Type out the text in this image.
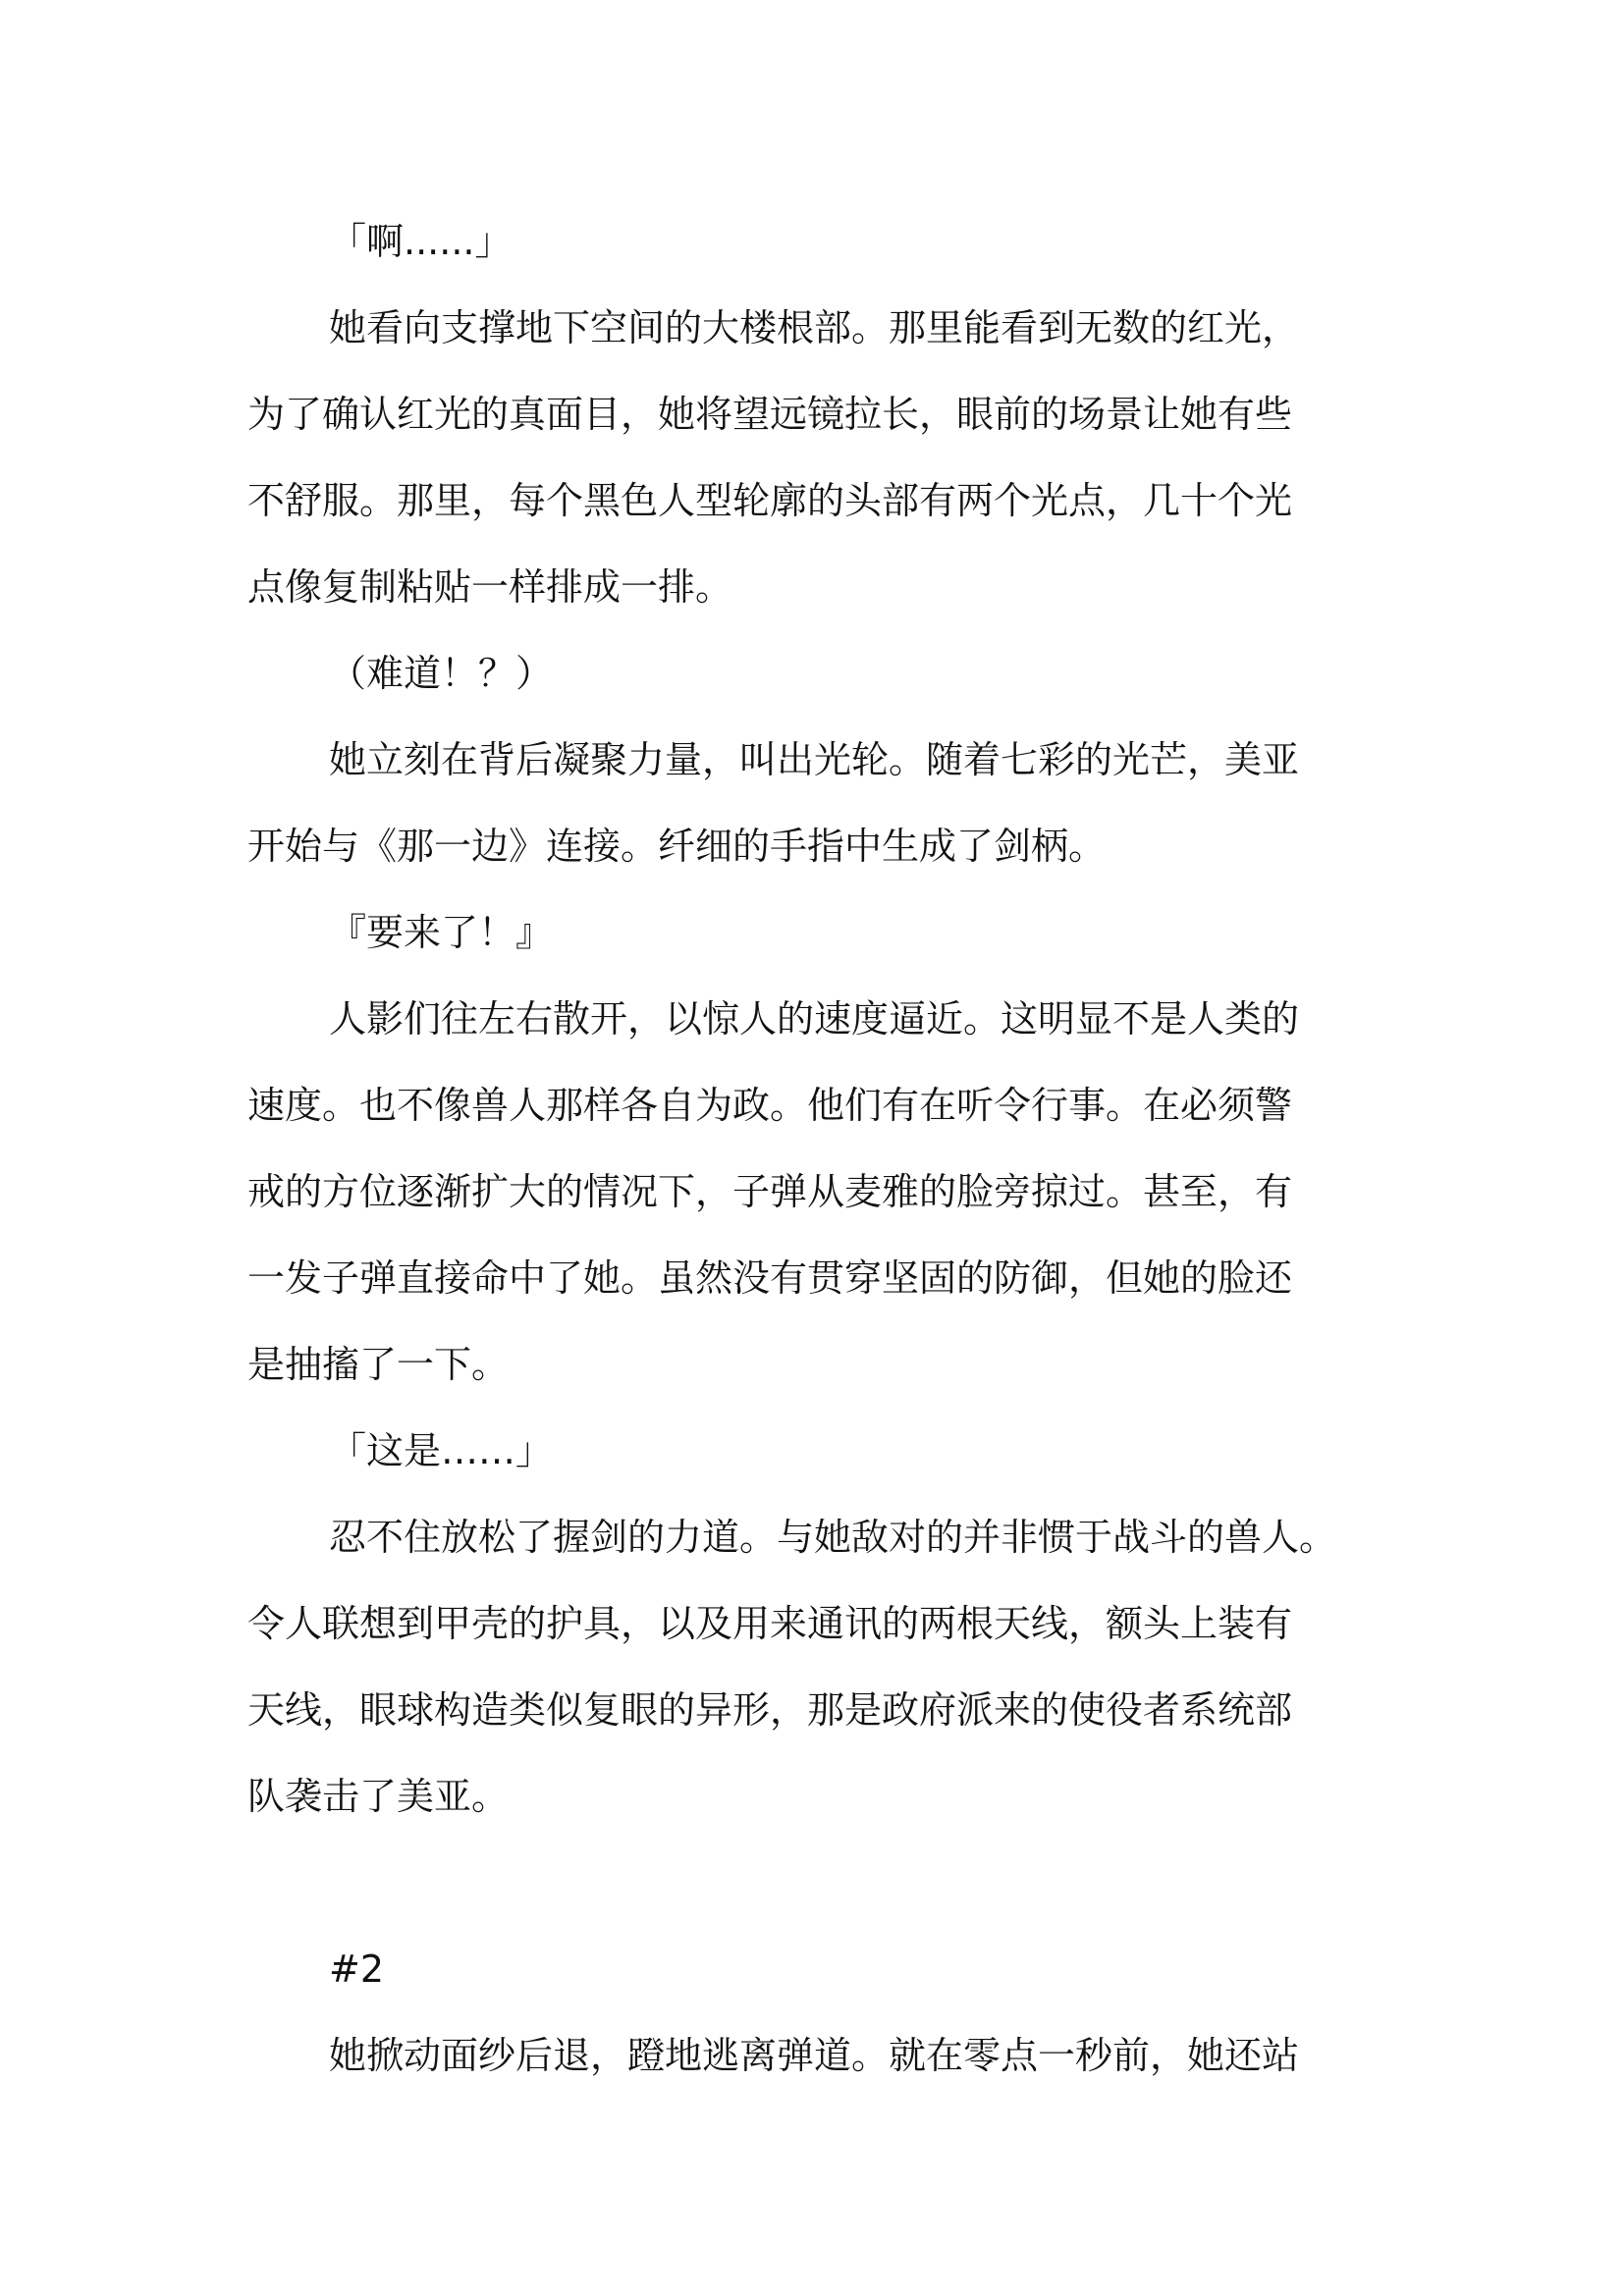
「啊......」
她看向支撑地下空间的大楼根部。那里能看到无数的红光，
为了确认红光的真面目，她将望远镜拉长，眼前的场景让她有些
不舒服。那里，每个黑色人型轮廓的头部有两个光点，几十个光
点像复制粘贴一样排成一排。
（难道！？）
她立刻在背后凝聚力量，叫出光轮。随着七彩的光芒，美亚
开始与《那一边》连接。纤细的手指中生成了剑柄。
『要来了！』
人影们往左右散开，以惊人的速度逼近。这明显不是人类的
速度。也不像兽人那样各自为政。他们有在听令行事。在必须警
戒的方位逐渐扩大的情况下，子弹从麦雅的脸旁掠过。甚至，有
一发子弹直接命中了她。虽然没有贯穿坚固的防御，但她的脸还
是抽搐了一下。
「这是……」
忍不住放松了握剑的力道。与她敌对的并非惯于战斗的兽人。
令人联想到甲壳的护具，以及用来通讯的两根天线，额头上装有
天线，眼球构造类似复眼的异形，那是政府派来的使役者系统部
队袭击了美亚。
#2
她掀动面纱后退，蹬地逃离弹道。就在零点一秒前，她还站
